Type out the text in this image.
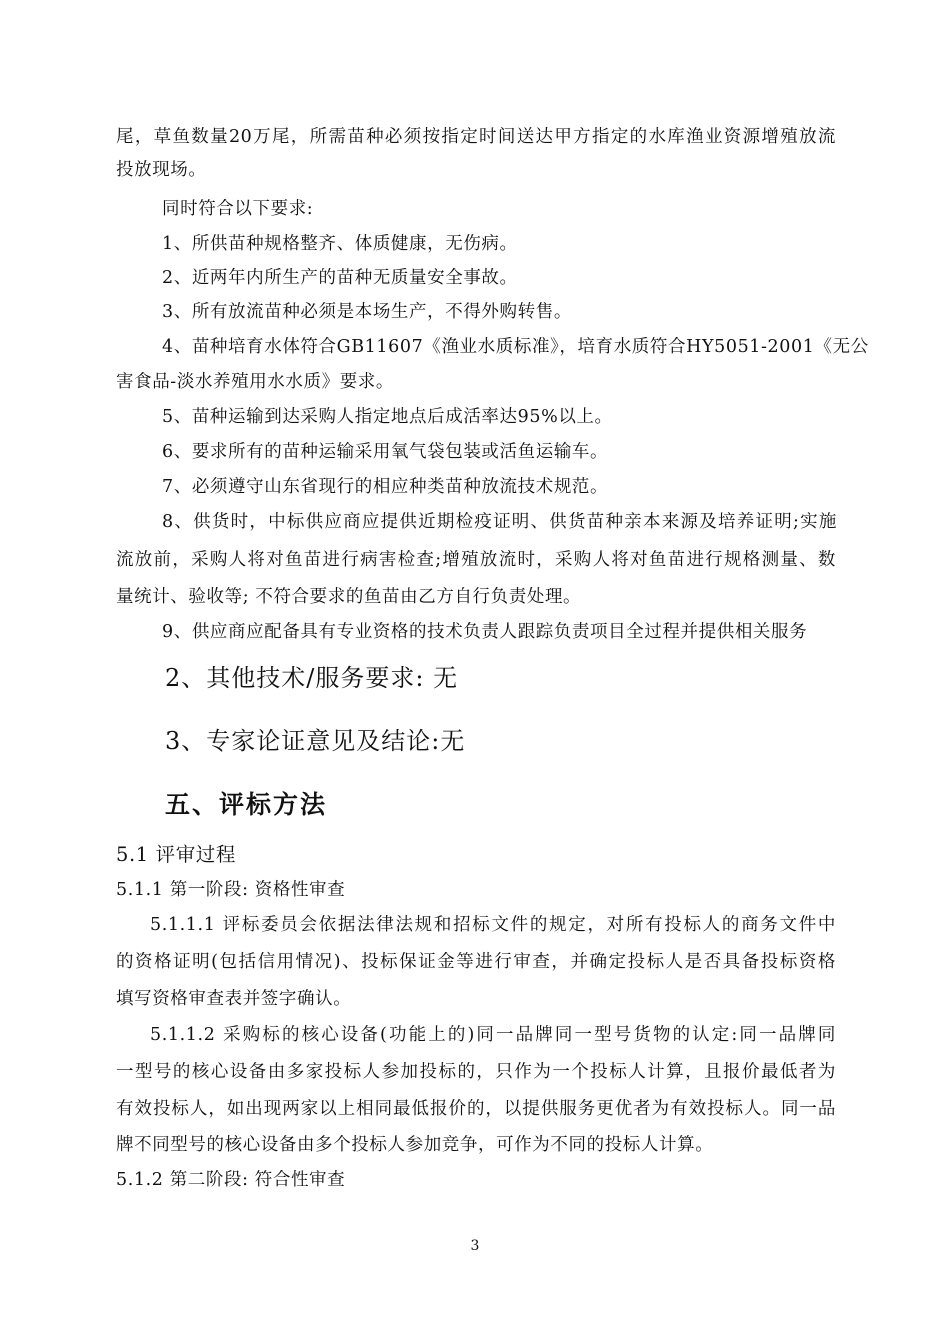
尾，草鱼数量20万尾，所需苗种必须按指定时间送达甲方指定的水库渔业资源增殖放流
投放现场。
同时符合以下要求:
1、所供苗种规格整齐、体质健康，无伤病。
2、近两年内所生产的苗种无质量安全事故。
3、所有放流苗种必须是本场生产，不得外购转售。
4、苗种培育水体符合GB11607《渔业水质标准》，培育水质符合HY5051-2001《无公
害食品-淡水养殖用水水质》要求。
5、苗种运输到达采购人指定地点后成活率达95%以上。
6、要求所有的苗种运输采用氧气袋包装或活鱼运输车。
7、必须遵守山东省现行的相应种类苗种放流技术规范。
8、供货时，中标供应商应提供近期检疫证明、供货苗种亲本来源及培养证明;实施
流放前，采购人将对鱼苗进行病害检查;增殖放流时，采购人将对鱼苗进行规格测量、数
量统计、验收等; 不符合要求的鱼苗由乙方自行负责处理。
9、供应商应配备具有专业资格的技术负责人跟踪负责项目全过程并提供相关服务
2、其他技术/服务要求: 无
3、专家论证意见及结论:无
五、评标方法
5.1 评审过程
5.1.1 第一阶段: 资格性审查
5.1.1.1 评标委员会依据法律法规和招标文件的规定，对所有投标人的商务文件中
的资格证明(包括信用情况)、投标保证金等进行审查，并确定投标人是否具备投标资格
填写资格审查表并签字确认。
5.1.1.2 采购标的核心设备(功能上的)同一品牌同一型号货物的认定:同一品牌同
一型号的核心设备由多家投标人参加投标的，只作为一个投标人计算，且报价最低者为
有效投标人，如出现两家以上相同最低报价的，以提供服务更优者为有效投标人。同一品
牌不同型号的核心设备由多个投标人参加竞争，可作为不同的投标人计算。
5.1.2 第二阶段: 符合性审查
3
